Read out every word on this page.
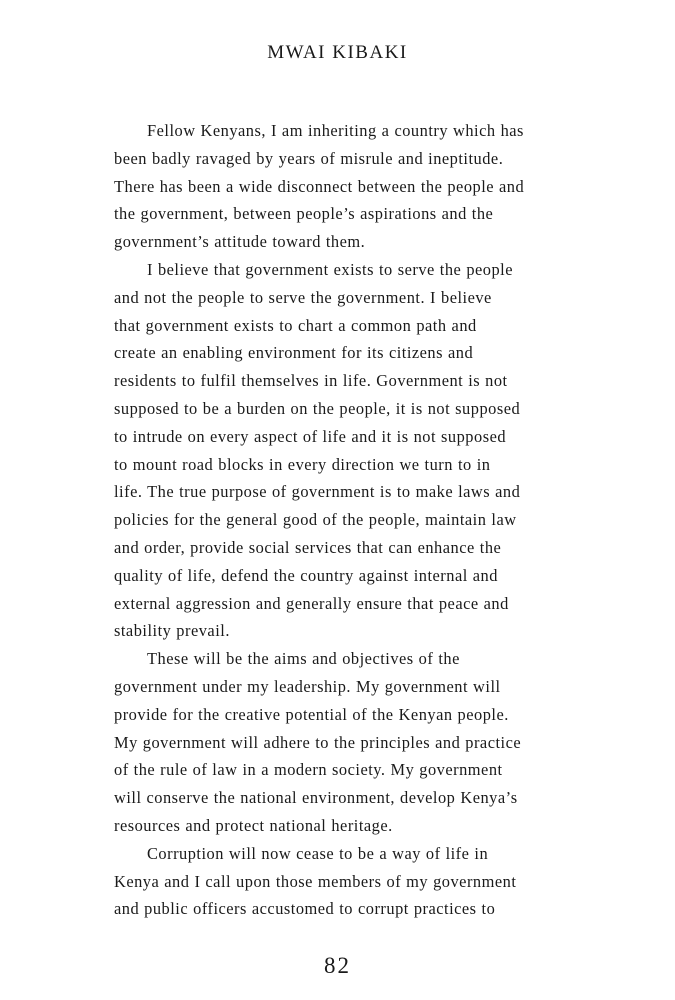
MWAI KIBAKI
Fellow Kenyans, I am inheriting a country which has
been badly ravaged by years of misrule and ineptitude.
There has been a wide disconnect between the people and
the government, between people’s aspirations and the
government’s attitude toward them.
I believe that government exists to serve the people
and not the people to serve the government. I believe
that government exists to chart a common path and
create an enabling environment for its citizens and
residents to fulfil themselves in life. Government is not
supposed to be a burden on the people, it is not supposed
to intrude on every aspect of life and it is not supposed
to mount road blocks in every direction we turn to in
life. The true purpose of government is to make laws and
policies for the general good of the people, maintain law
and order, provide social services that can enhance the
quality of life, defend the country against internal and
external aggression and generally ensure that peace and
stability prevail.
These will be the aims and objectives of the
government under my leadership. My government will
provide for the creative potential of the Kenyan people.
My government will adhere to the principles and practice
of the rule of law in a modern society. My government
will conserve the national environment, develop Kenya’s
resources and protect national heritage.
Corruption will now cease to be a way of life in
Kenya and I call upon those members of my government
and public officers accustomed to corrupt practices to
82
